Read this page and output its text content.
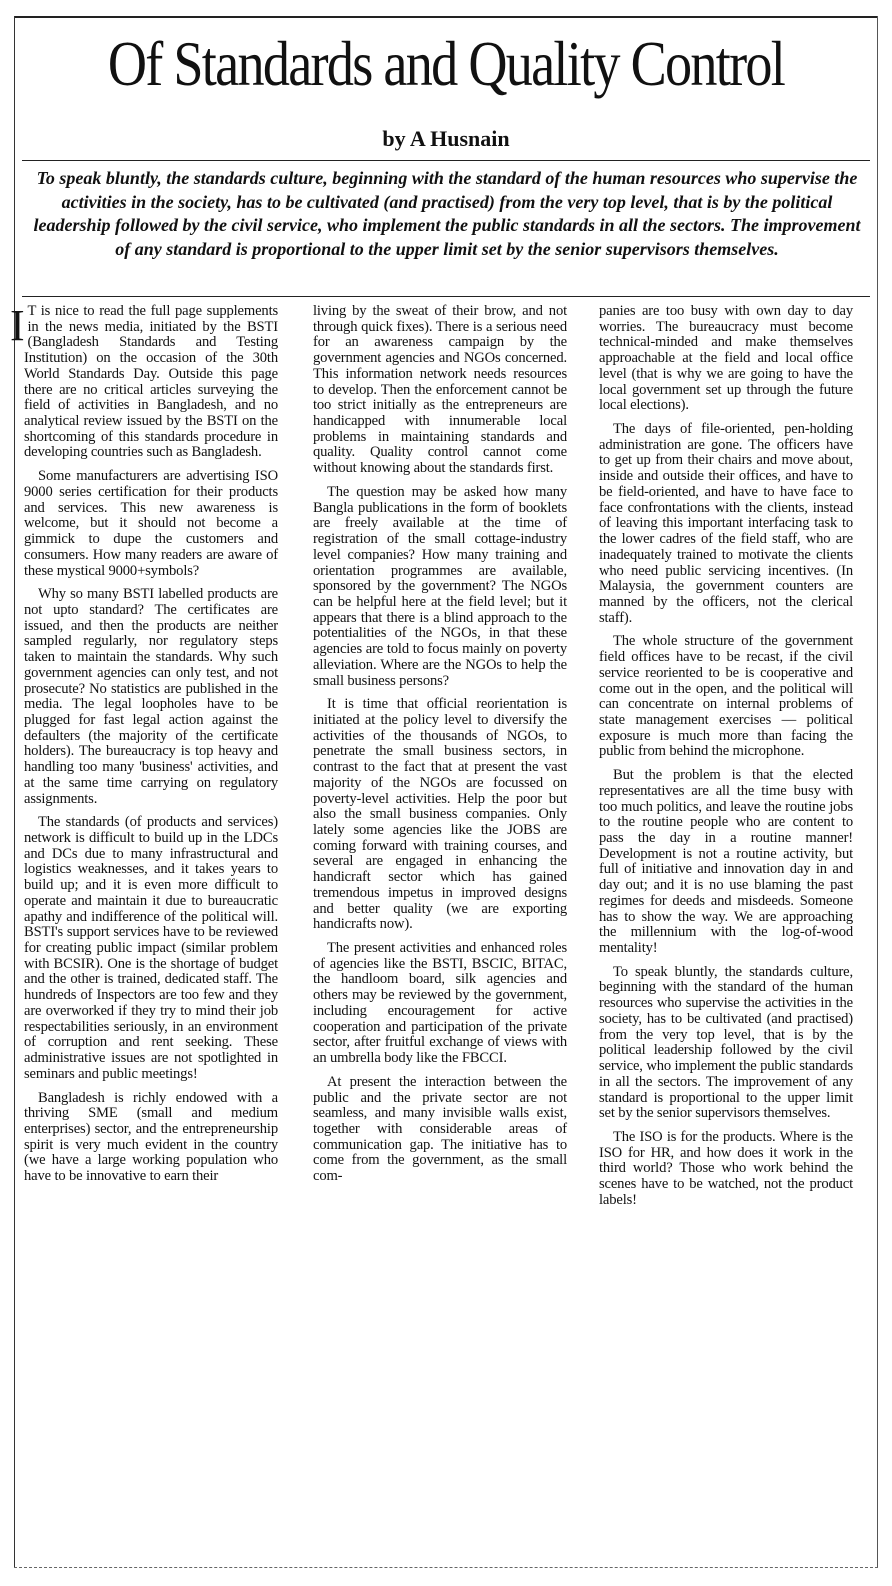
Of Standards and Quality Control
by A Husnain

To speak bluntly, the standards culture, beginning with the standard of the human resources who supervise the activities in the society, has to be cultivated (and practised) from the very top level, that is by the political leadership followed by the civil service, who implement the public standards in all the sectors. The improvement of any standard is proportional to the upper limit set by the senior supervisors themselves.

I T is nice to read the full page supplements in the news media, initiated by the BSTI (Bangladesh Standards and Testing Institution) on the occasion of the 30th World Standards Day. Outside this page there are no critical articles surveying the field of activities in Bangladesh, and no analytical review issued by the BSTI on the shortcoming of this standards procedure in developing countries such as Bangladesh.

Some manufacturers are advertising ISO 9000 series certification for their products and services. This new awareness is welcome, but it should not become a gimmick to dupe the customers and consumers. How many readers are aware of these mystical 9000+symbols?

Why so many BSTI labelled products are not upto standard? The certificates are issued, and then the products are neither sampled regularly, nor regulatory steps taken to maintain the standards. Why such government agencies can only test, and not prosecute? No statistics are published in the media. The legal loopholes have to be plugged for fast legal action against the defaulters (the majority of the certificate holders). The bureaucracy is top heavy and handling too many 'business' activities, and at the same time carrying on regulatory assignments.

The standards (of products and services) network is difficult to build up in the LDCs and DCs due to many infrastructural and logistics weaknesses, and it takes years to build up; and it is even more difficult to operate and maintain it due to bureaucratic apathy and indifference of the political will. BSTI's support services have to be reviewed for creating public impact (similar problem with BCSIR). One is the shortage of budget and the other is trained, dedicated staff. The hundreds of Inspectors are too few and they are overworked if they try to mind their job respectabilities seriously, in an environment of corruption and rent seeking. These administrative issues are not spotlighted in seminars and public meetings!

Bangladesh is richly endowed with a thriving SME (small and medium enterprises) sector, and the entrepreneurship spirit is very much evident in the country (we have a large working population who have to be innovative to earn their

living by the sweat of their brow, and not through quick fixes). There is a serious need for an awareness campaign by the government agencies and NGOs concerned. This information network needs resources to develop. Then the enforcement cannot be too strict initially as the entrepreneurs are handicapped with innumerable local problems in maintaining standards and quality. Quality control cannot come without knowing about the standards first.

The question may be asked how many Bangla publications in the form of booklets are freely available at the time of registration of the small cottage-industry level companies? How many training and orientation programmes are available, sponsored by the government? The NGOs can be helpful here at the field level; but it appears that there is a blind approach to the potentialities of the NGOs, in that these agencies are told to focus mainly on poverty alleviation. Where are the NGOs to help the small business persons?

It is time that official reorientation is initiated at the policy level to diversify the activities of the thousands of NGOs, to penetrate the small business sectors, in contrast to the fact that at present the vast majority of the NGOs are focussed on poverty-level activities. Help the poor but also the small business companies. Only lately some agencies like the JOBS are coming forward with training courses, and several are engaged in enhancing the handicraft sector which has gained tremendous impetus in improved designs and better quality (we are exporting handicrafts now).

The present activities and enhanced roles of agencies like the BSTI, BSCIC, BITAC, the handloom board, silk agencies and others may be reviewed by the government, including encouragement for active cooperation and participation of the private sector, after fruitful exchange of views with an umbrella body like the FBCCI.

At present the interaction between the public and the private sector are not seamless, and many invisible walls exist, together with considerable areas of communication gap. The initiative has to come from the government, as the small com-

panies are too busy with own day to day worries. The bureaucracy must become technical-minded and make themselves approachable at the field and local office level (that is why we are going to have the local government set up through the future local elections).

The days of file-oriented, pen-holding administration are gone. The officers have to get up from their chairs and move about, inside and outside their offices, and have to be field-oriented, and have to have face to face confrontations with the clients, instead of leaving this important interfacing task to the lower cadres of the field staff, who are inadequately trained to motivate the clients who need public servicing incentives. (In Malaysia, the government counters are manned by the officers, not the clerical staff).

The whole structure of the government field offices have to be recast, if the civil service reoriented to be is cooperative and come out in the open, and the political will can concentrate on internal problems of state management exercises — political exposure is much more than facing the public from behind the microphone.

But the problem is that the elected representatives are all the time busy with too much politics, and leave the routine jobs to the routine people who are content to pass the day in a routine manner! Development is not a routine activity, but full of initiative and innovation day in and day out; and it is no use blaming the past regimes for deeds and misdeeds. Someone has to show the way. We are approaching the millennium with the log-of-wood mentality!

To speak bluntly, the standards culture, beginning with the standard of the human resources who supervise the activities in the society, has to be cultivated (and practised) from the very top level, that is by the political leadership followed by the civil service, who implement the public standards in all the sectors. The improvement of any standard is proportional to the upper limit set by the senior supervisors themselves.

The ISO is for the products. Where is the ISO for HR, and how does it work in the third world? Those who work behind the scenes have to be watched, not the product labels!
